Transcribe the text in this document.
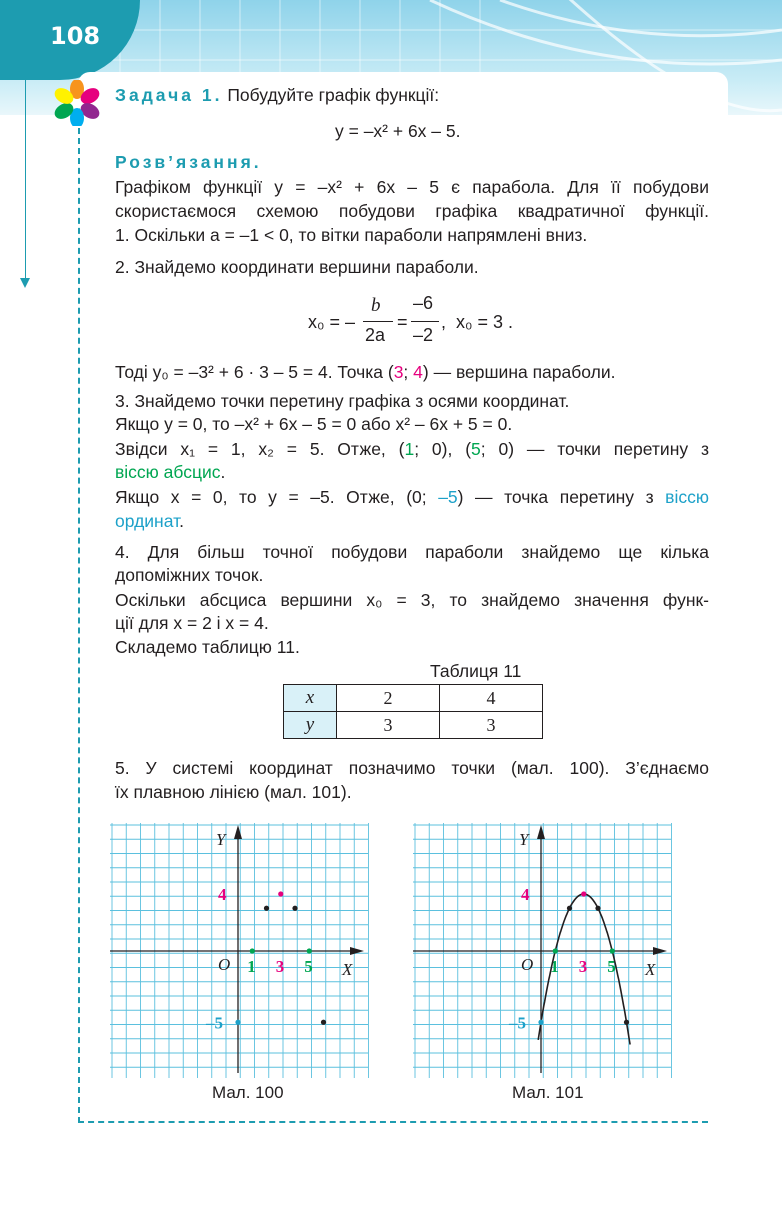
108
Задача 1. Побудуйте графік функції:
y = –x² + 6x – 5.
Розв’язання.
Графіком функції y = –x² + 6x – 5 є парабола. Для її побудови
скористаємося схемою побудови графіка квадратичної функції.
1. Оскільки a = –1 < 0, то вітки параболи напрямлені вниз.
2. Знайдемо координати вершини параболи.
x₀ = –
b
2a
=
–6
–2
, x₀ = 3 .
Тоді y₀ = –3² + 6 · 3 – 5 = 4. Точка (3; 4) — вершина параболи.
3. Знайдемо точки перетину графіка з осями координат.
Якщо y = 0, то –x² + 6x – 5 = 0 або x² – 6x + 5 = 0.
Звідси x₁ = 1, x₂ = 5. Отже, (1; 0), (5; 0) — точки перетину з
віссю абсцис.
Якщо x = 0, то y = –5. Отже, (0; –5) — точка перетину з віссю
ординат.
4. Для більш точної побудови параболи знайдемо ще кілька
допоміжних точок.
Оскільки абсциса вершини x₀ = 3, то знайдемо значення функ-
ції для x = 2 і x = 4.
Складемо таблицю 11.
Таблиця 11
x	2	4
y	3	3
5. У системі координат позначимо точки (мал. 100). З’єднаємо
їх плавною лінією (мал. 101).
Y
X
O
4
–5
1 3 5
Мал. 100
Y
X
O
4
–5
1 3 5
Мал. 101
